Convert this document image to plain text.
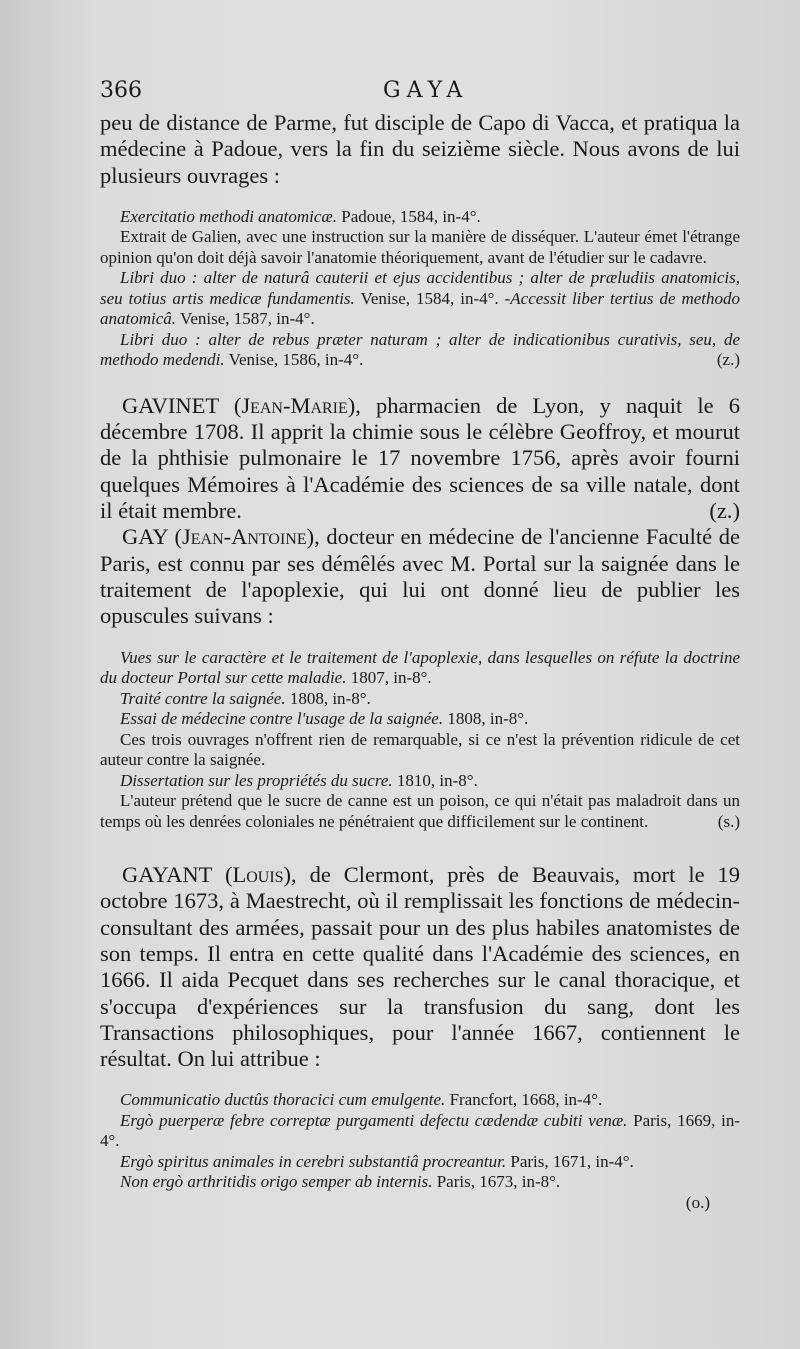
366	GAYA

peu de distance de Parme, fut disciple de Capo di Vacca, et pratiqua la médecine à Padoue, vers la fin du seizième siècle. Nous avons de lui plusieurs ouvrages :

Exercitatio methodi anatomicæ. Padoue, 1584, in-4°.

Extrait de Galien, avec une instruction sur la manière de disséquer. L'auteur émet l'étrange opinion qu'on doit déjà savoir l'anatomie théoriquement, avant de l'étudier sur le cadavre.

Libri duo : alter de naturâ cauterii et ejus accidentibus ; alter de præludiis anatomicis, seu totius artis medicæ fundamentis. Venise, 1584, in-4°. -Accessit liber tertius de methodo anatomicâ. Venise, 1587, in-4°.

Libri duo : alter de rebus præter naturam ; alter de indicationibus curativis, seu, de methodo medendi. Venise, 1586, in-4°.	(z.)

GAVINET (Jean-Marie), pharmacien de Lyon, y naquit le 6 décembre 1708. Il apprit la chimie sous le célèbre Geoffroy, et mourut de la phthisie pulmonaire le 17 novembre 1756, après avoir fourni quelques Mémoires à l'Académie des sciences de sa ville natale, dont il était membre.	(z.)

GAY (Jean-Antoine), docteur en médecine de l'ancienne Faculté de Paris, est connu par ses démêlés avec M. Portal sur la saignée dans le traitement de l'apoplexie, qui lui ont donné lieu de publier les opuscules suivans :

Vues sur le caractère et le traitement de l'apoplexie, dans lesquelles on réfute la doctrine du docteur Portal sur cette maladie. 1807, in-8°.

Traité contre la saignée. 1808, in-8°.

Essai de médecine contre l'usage de la saignée. 1808, in-8°.

Ces trois ouvrages n'offrent rien de remarquable, si ce n'est la prévention ridicule de cet auteur contre la saignée.

Dissertation sur les propriétés du sucre. 1810, in-8°.

L'auteur prétend que le sucre de canne est un poison, ce qui n'était pas maladroit dans un temps où les denrées coloniales ne pénétraient que difficilement sur le continent.	(s.)

GAYANT (Louis), de Clermont, près de Beauvais, mort le 19 octobre 1673, à Maestrecht, où il remplissait les fonctions de médecin-consultant des armées, passait pour un des plus habiles anatomistes de son temps. Il entra en cette qualité dans l'Académie des sciences, en 1666. Il aida Pecquet dans ses recherches sur le canal thoracique, et s'occupa d'expériences sur la transfusion du sang, dont les Transactions philosophiques, pour l'année 1667, contiennent le résultat. On lui attribue :

Communicatio ductûs thoracici cum emulgente. Francfort, 1668, in-4°.

Ergò puerperæ febre correptæ purgamenti defectu cædendæ cubiti venæ. Paris, 1669, in-4°.

Ergò spiritus animales in cerebri substantiâ procreantur. Paris, 1671, in-4°.

Non ergò arthritidis origo semper ab internis. Paris, 1673, in-8°.

(o.)
